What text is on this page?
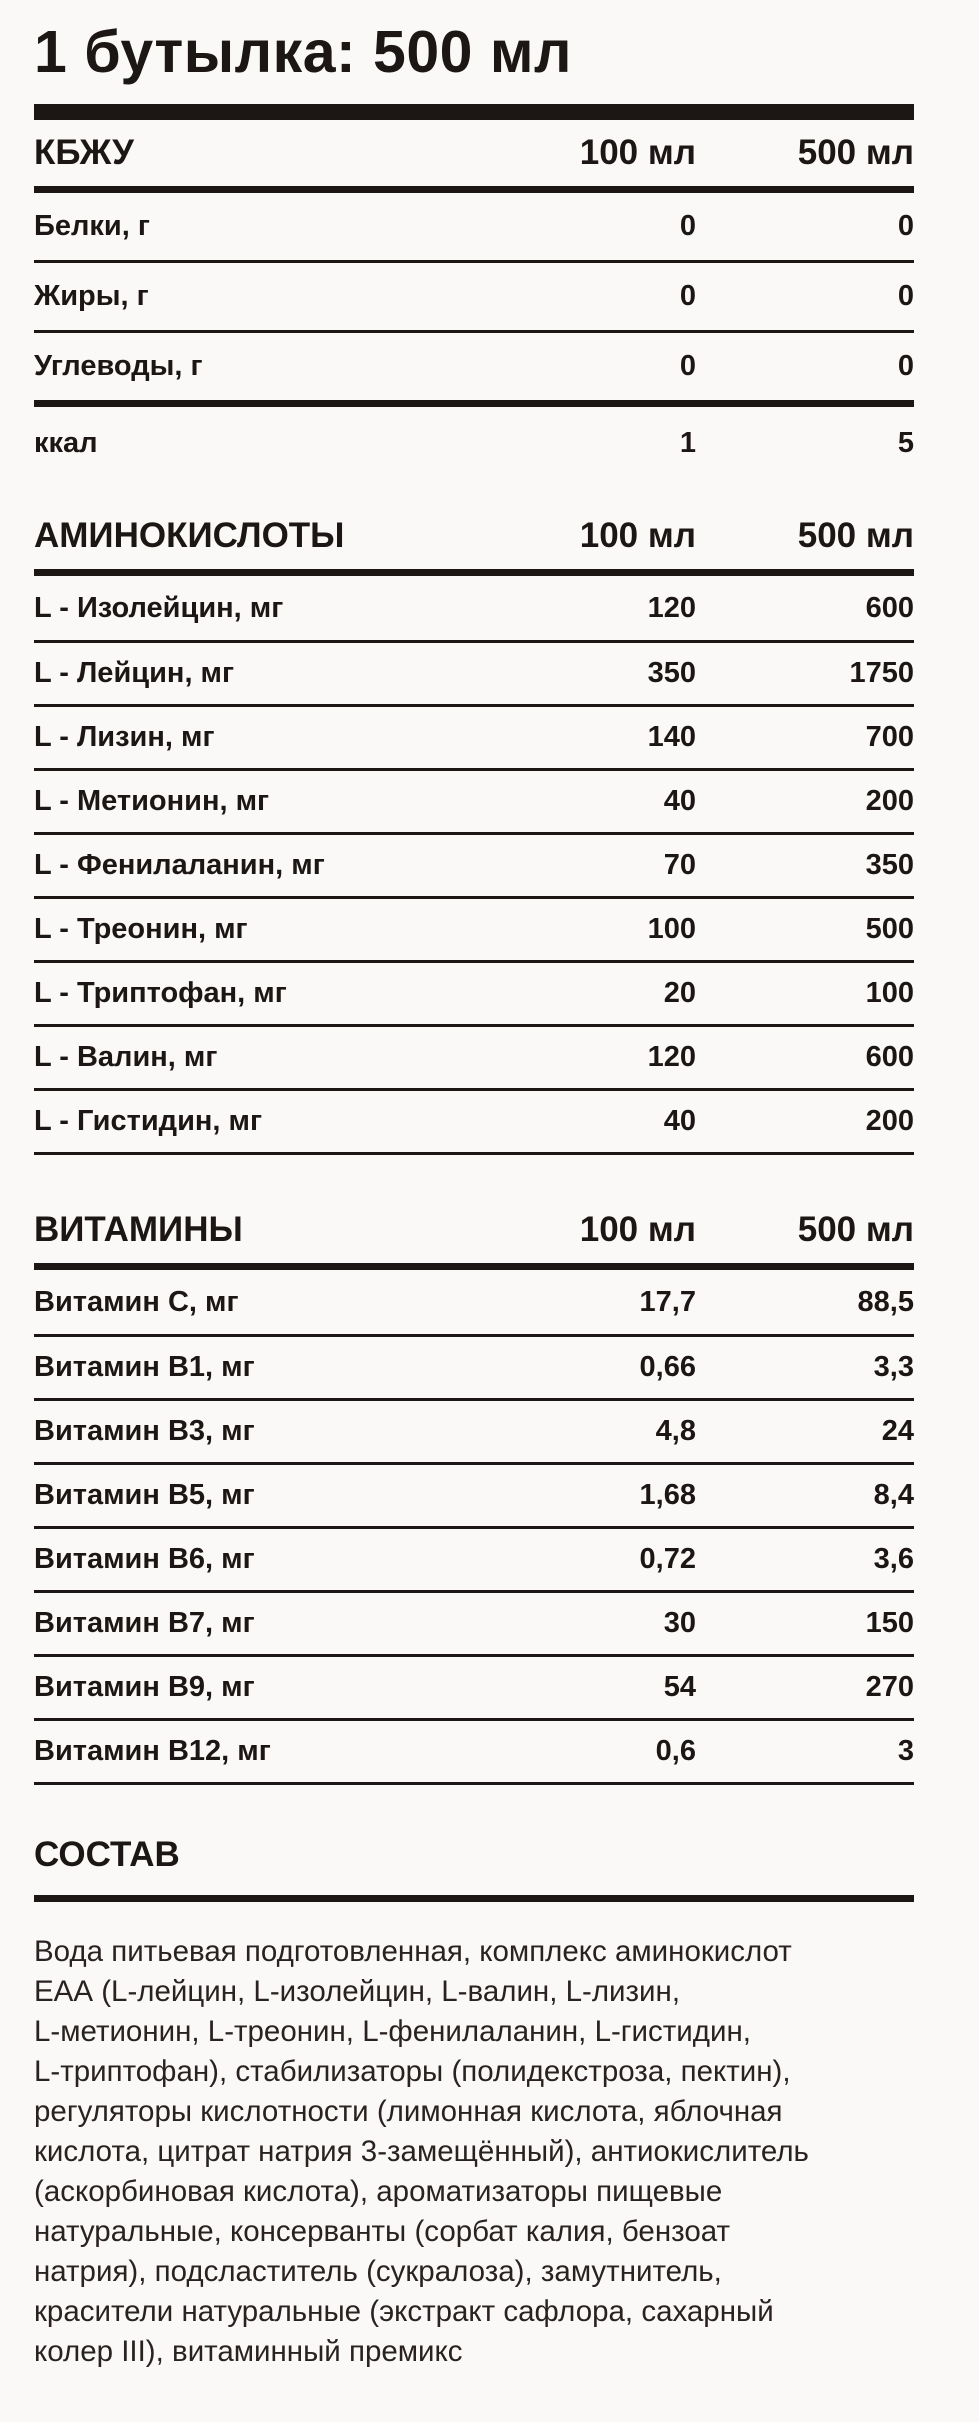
1 бутылка: 500 мл
КБЖУ	100 мл	500 мл
Белки, г	0	0
Жиры, г	0	0
Углеводы, г	0	0
ккал	1	5
АМИНОКИСЛОТЫ	100 мл	500 мл
L - Изолейцин, мг	120	600
L - Лейцин, мг	350	1750
L - Лизин, мг	140	700
L - Метионин, мг	40	200
L - Фенилаланин, мг	70	350
L - Треонин, мг	100	500
L - Триптофан, мг	20	100
L - Валин, мг	120	600
L - Гистидин, мг	40	200
ВИТАМИНЫ	100 мл	500 мл
Витамин С, мг	17,7	88,5
Витамин В1, мг	0,66	3,3
Витамин В3, мг	4,8	24
Витамин В5, мг	1,68	8,4
Витамин В6, мг	0,72	3,6
Витамин В7, мг	30	150
Витамин В9, мг	54	270
Витамин В12, мг	0,6	3
СОСТАВ
Вода питьевая подготовленная, комплекс аминокислот
ЕАА (L-лейцин, L-изолейцин, L-валин, L-лизин,
L-метионин, L-треонин, L-фенилаланин, L-гистидин,
L-триптофан), стабилизаторы (полидекстроза, пектин),
регуляторы кислотности (лимонная кислота, яблочная
кислота, цитрат натрия 3-замещённый), антиокислитель
(аскорбиновая кислота), ароматизаторы пищевые
натуральные, консерванты (сорбат калия, бензоат
натрия), подсластитель (сукралоза), замутнитель,
красители натуральные (экстракт сафлора, сахарный
колер III), витаминный премикс
